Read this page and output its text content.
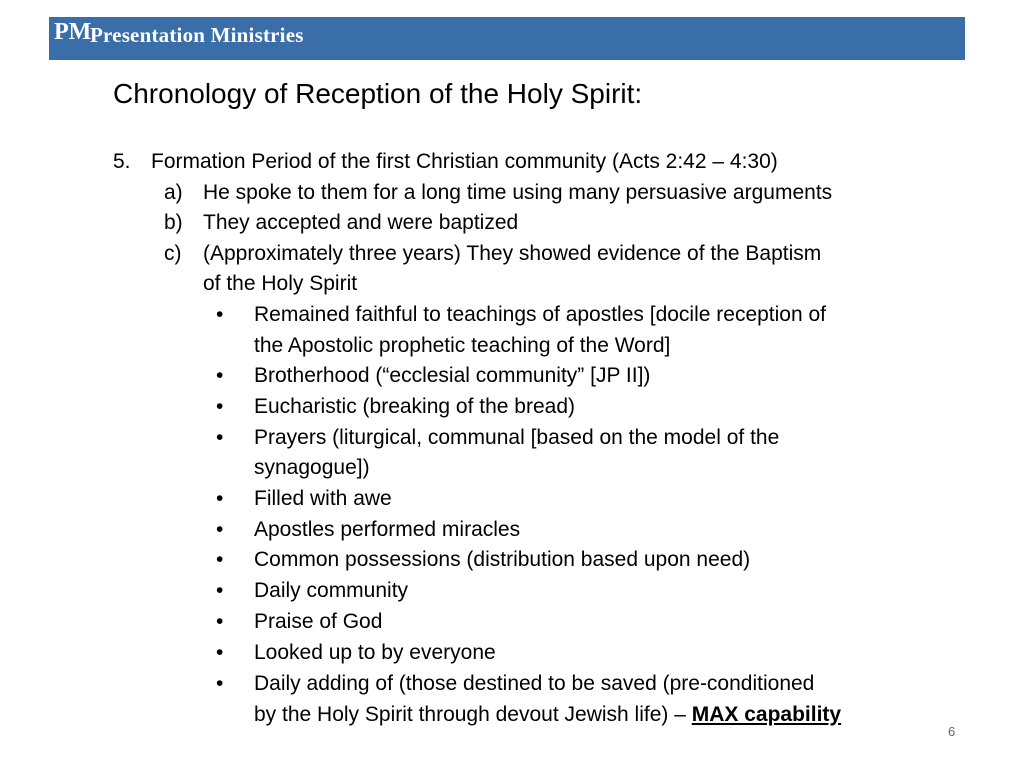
PM
Presentation Ministries
Chronology of Reception of the Holy Spirit:
5. Formation Period of the first Christian community (Acts 2:42 – 4:30)
a) He spoke to them for a long time using many persuasive arguments
b) They accepted and were baptized
c) (Approximately three years) They showed evidence of the Baptism
of the Holy Spirit
• Remained faithful to teachings of apostles [docile reception of
the Apostolic prophetic teaching of the Word]
• Brotherhood (“ecclesial community” [JP II])
• Eucharistic (breaking of the bread)
• Prayers (liturgical, communal [based on the model of the
synagogue])
• Filled with awe
• Apostles performed miracles
• Common possessions (distribution based upon need)
• Daily community
• Praise of God
• Looked up to by everyone
• Daily adding of (those destined to be saved (pre-conditioned
by the Holy Spirit through devout Jewish life) – MAX capability
6
